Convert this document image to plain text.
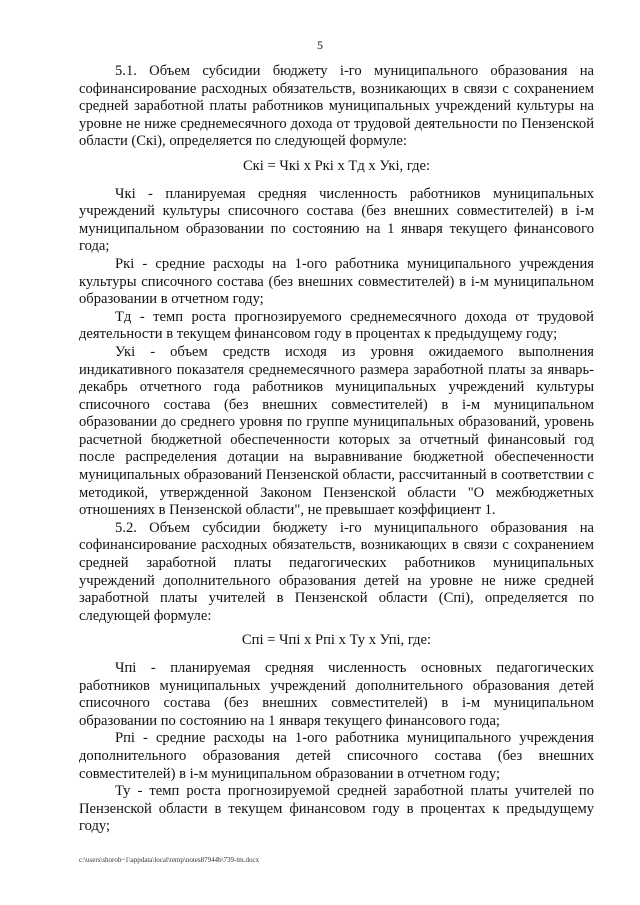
5

5.1. Объем субсидии бюджету i-го муниципального образования на софинансирование расходных обязательств, возникающих в связи с сохранением средней заработной платы работников муниципальных учреждений культуры на уровне не ниже среднемесячного дохода от трудовой деятельности по Пензенской области (Скi), определяется по следующей формуле:

Скi = Чкi х Ркi х Тд х Укi, где:

Чкi - планируемая средняя численность работников муниципальных учреждений культуры списочного состава (без внешних совместителей) в i-м муниципальном образовании по состоянию на 1 января текущего финансового года;

Ркi - средние расходы на 1-ого работника муниципального учреждения культуры списочного состава (без внешних совместителей) в i-м муниципальном образовании в отчетном году;

Тд - темп роста прогнозируемого среднемесячного дохода от трудовой деятельности в текущем финансовом году в процентах к предыдущему году;

Укi - объем средств исходя из уровня ожидаемого выполнения индикативного показателя среднемесячного размера заработной платы за январь-декабрь отчетного года работников муниципальных учреждений культуры списочного состава (без внешних совместителей) в i-м муниципальном образовании до среднего уровня по группе муниципальных образований, уровень расчетной бюджетной обеспеченности которых за отчетный финансовый год после распределения дотации на выравнивание бюджетной обеспеченности муниципальных образований Пензенской области, рассчитанный в соответствии с методикой, утвержденной Законом Пензенской области "О межбюджетных отношениях в Пензенской области", не превышает коэффициент 1.

5.2. Объем субсидии бюджету i-го муниципального образования на софинансирование расходных обязательств, возникающих в связи с сохранением средней заработной платы педагогических работников муниципальных учреждений дополнительного образования детей на уровне не ниже средней заработной платы учителей в Пензенской области (Спi), определяется по следующей формуле:

Спi = Чпi х Рпi х Ту х Упi, где:

Чпi - планируемая средняя численность основных педагогических работников муниципальных учреждений дополнительного образования детей списочного состава (без внешних совместителей) в i-м муниципальном образовании по состоянию на 1 января текущего финансового года;

Рпi - средние расходы на 1-ого работника муниципального учреждения дополнительного образования детей списочного состава (без внешних совместителей) в i-м муниципальном образовании в отчетном году;

Ту - темп роста прогнозируемой средней заработной платы учителей по Пензенской области в текущем финансовом году в процентах к предыдущему году;

c:\users\shorob~1\appdata\local\temp\notes87944b\739-tm.docx
